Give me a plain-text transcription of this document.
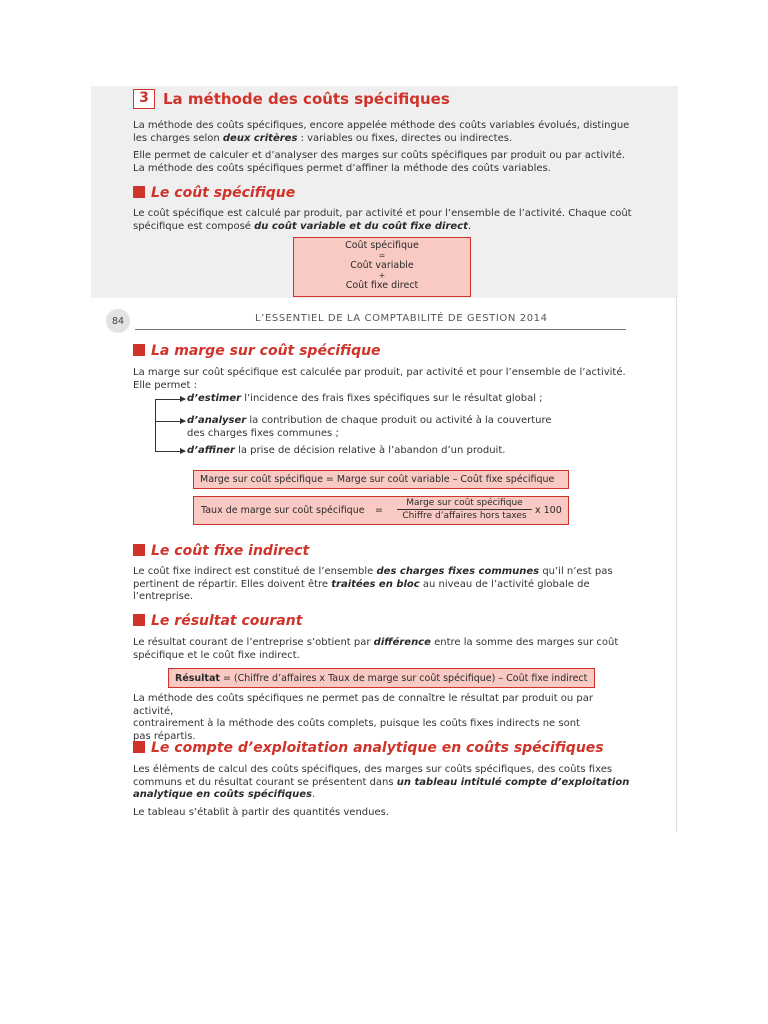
3 La méthode des coûts spécifiques

La méthode des coûts spécifiques, encore appelée méthode des coûts variables évolués, distingue
les charges selon deux critères : variables ou fixes, directes ou indirectes.

Elle permet de calculer et d’analyser des marges sur coûts spécifiques par produit ou par activité.
La méthode des coûts spécifiques permet d’affiner la méthode des coûts variables.

Le coût spécifique

Le coût spécifique est calculé par produit, par activité et pour l’ensemble de l’activité. Chaque coût
spécifique est composé du coût variable et du coût fixe direct.

Coût spécifique
=
Coût variable
+
Coût fixe direct
84	L’ESSENTIEL DE LA COMPTABILITÉ DE GESTION 2014
La marge sur coût spécifique

La marge sur coût spécifique est calculée par produit, par activité et pour l’ensemble de l’activité.
Elle permet :

d’estimer l’incidence des frais fixes spécifiques sur le résultat global ;

d’analyser la contribution de chaque produit ou activité à la couverture
des charges fixes communes ;

d’affiner la prise de décision relative à l’abandon d’un produit.

Marge sur coût spécifique = Marge sur coût variable – Coût fixe spécifique
Taux de marge sur coût spécifique =
Marge sur coût spécifique
Chiffre d’affaires hors taxes x 100
Le coût fixe indirect

Le coût fixe indirect est constitué de l’ensemble des charges fixes communes qu’il n’est pas
pertinent de répartir. Elles doivent être traitées en bloc au niveau de l’activité globale de
l’entreprise.

Le résultat courant

Le résultat courant de l’entreprise s’obtient par différence entre la somme des marges sur coût
spécifique et le coût fixe indirect.

Résultat = (Chiffre d’affaires x Taux de marge sur coût spécifique) – Coût fixe indirect

La méthode des coûts spécifiques ne permet pas de connaître le résultat par produit ou par activité,
contrairement à la méthode des coûts complets, puisque les coûts fixes indirects ne sont
pas répartis.

Le compte d’exploitation analytique en coûts spécifiques

Les éléments de calcul des coûts spécifiques, des marges sur coûts spécifiques, des coûts fixes
communs et du résultat courant se présentent dans un tableau intitulé compte d’exploitation
analytique en coûts spécifiques.

Le tableau s’établit à partir des quantités vendues.
